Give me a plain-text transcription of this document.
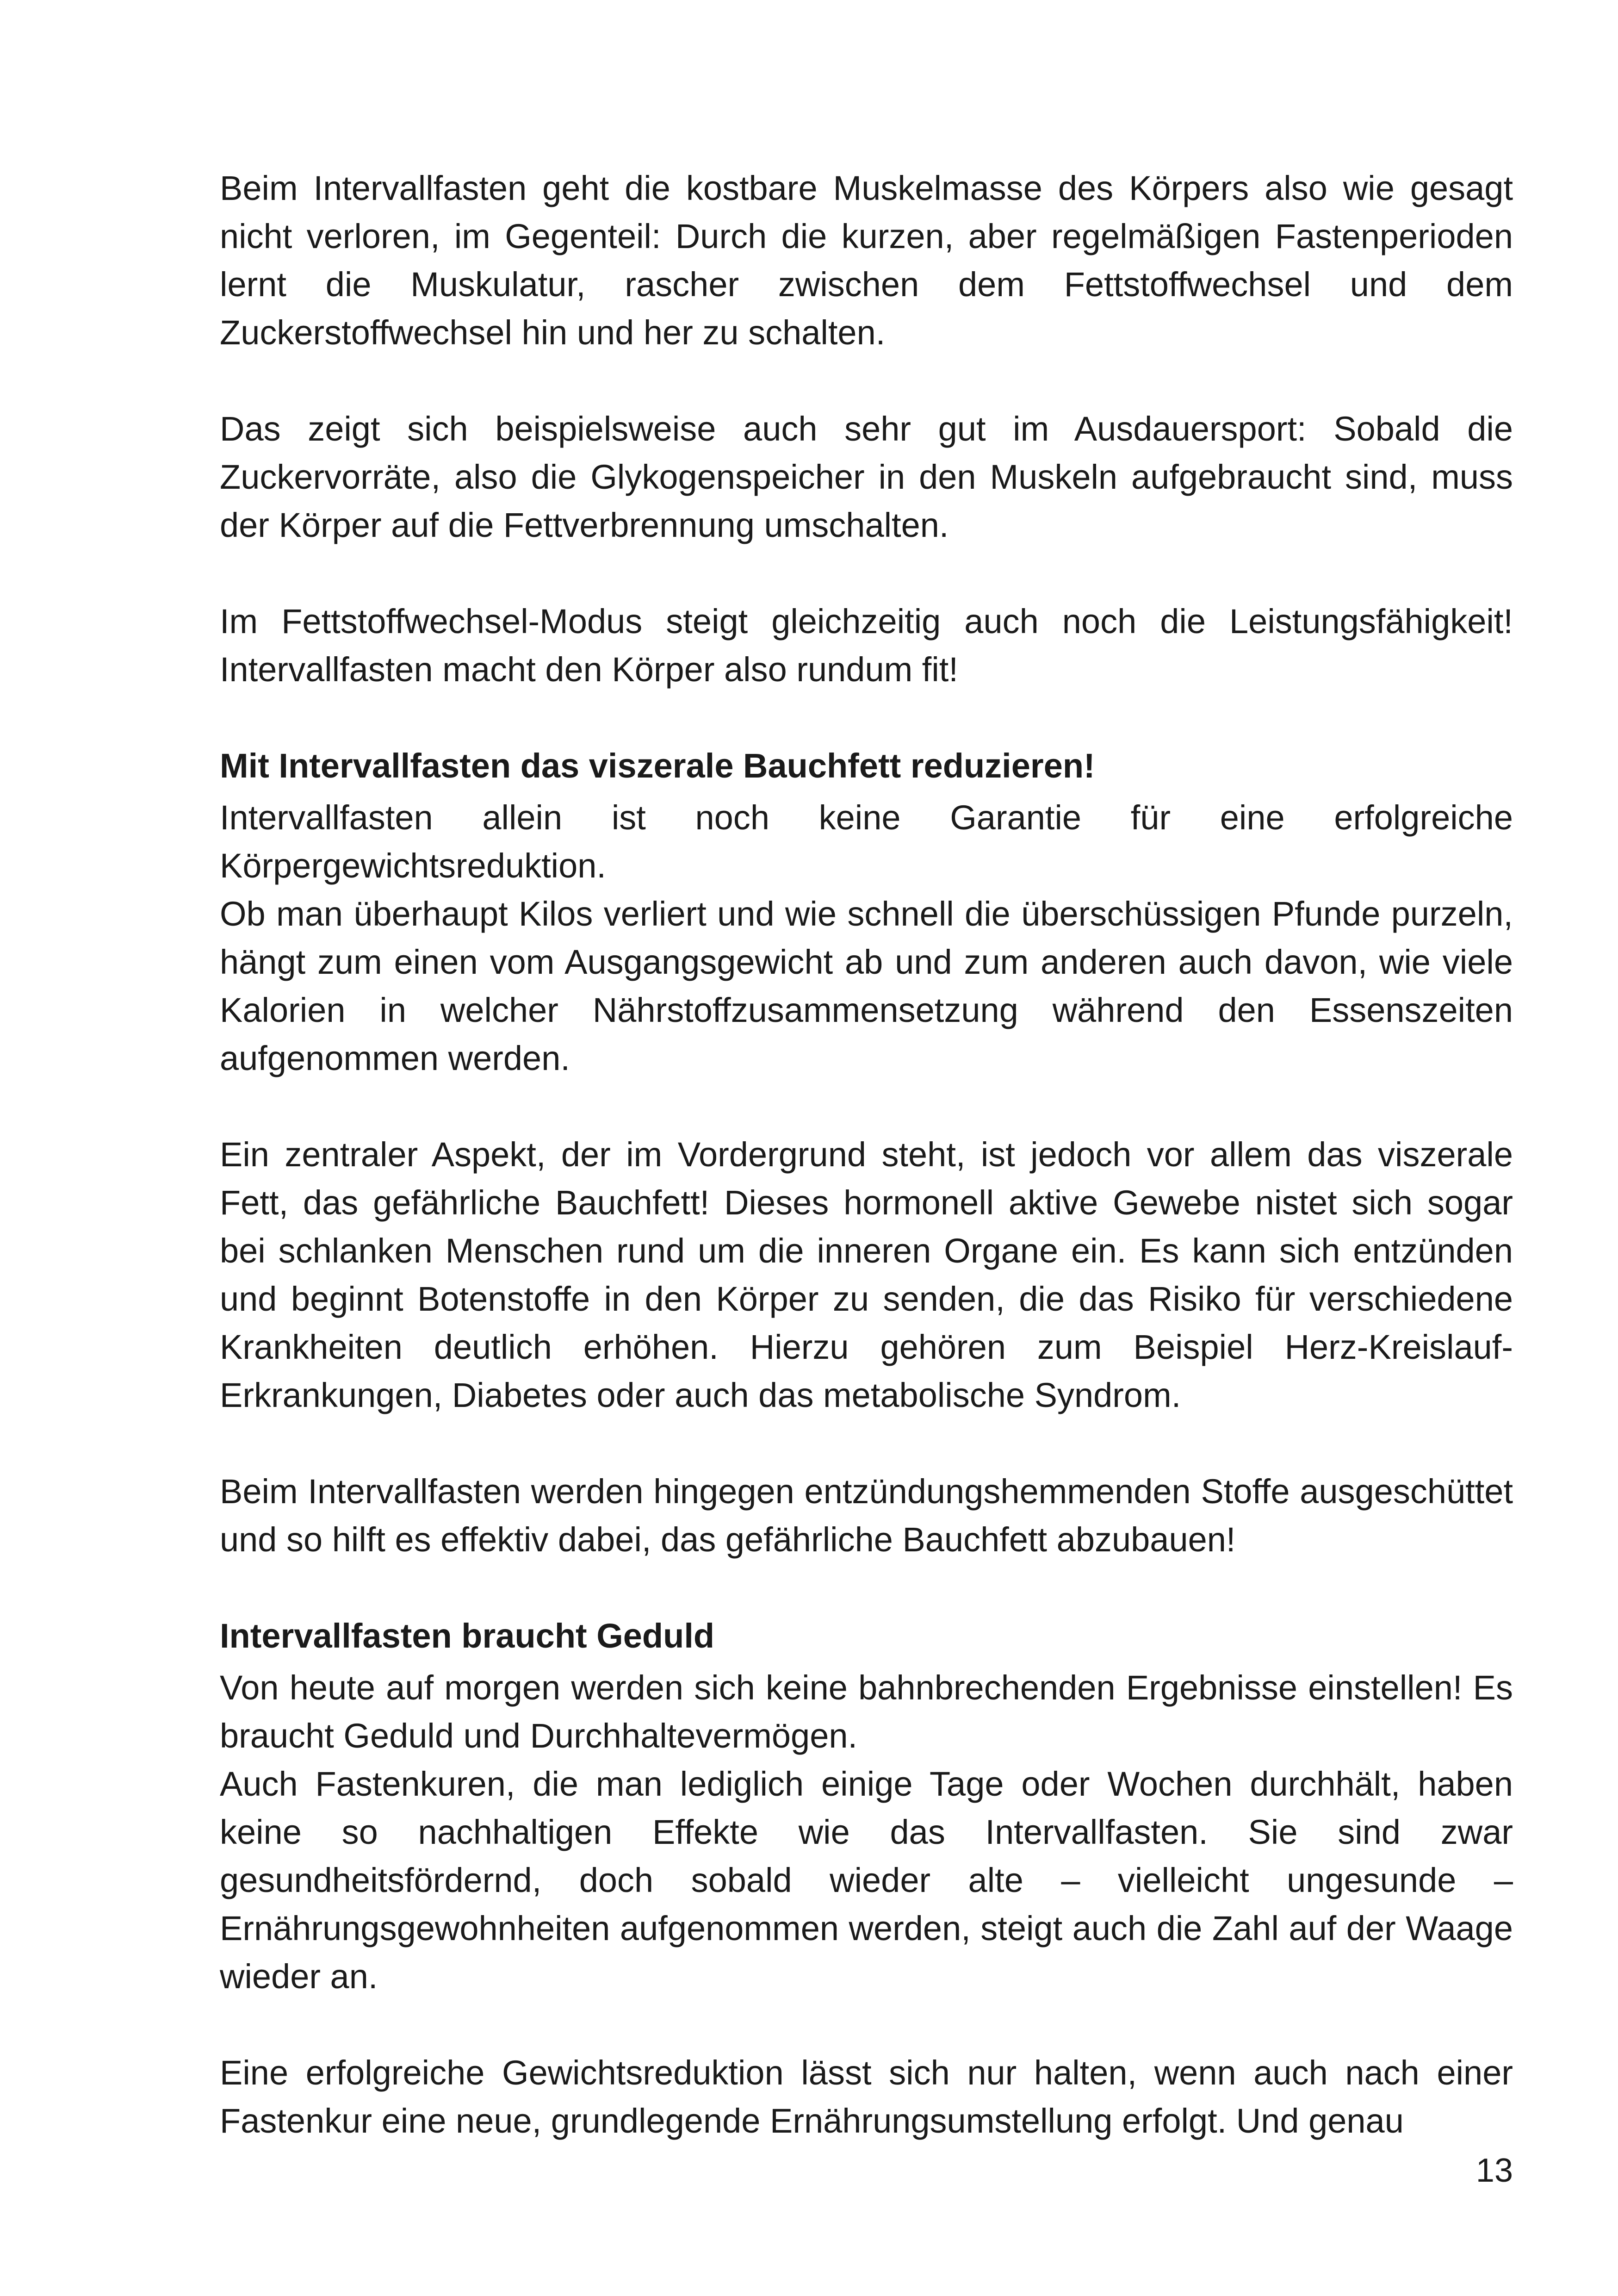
Beim Intervallfasten geht die kostbare Muskelmasse des Körpers also wie gesagt nicht verloren, im Gegenteil: Durch die kurzen, aber regelmäßigen Fastenperioden lernt die Muskulatur, rascher zwischen dem Fettstoffwechsel und dem Zuckerstoffwechsel hin und her zu schalten.

Das zeigt sich beispielsweise auch sehr gut im Ausdauersport: Sobald die Zuckervorräte, also die Glykogenspeicher in den Muskeln aufgebraucht sind, muss der Körper auf die Fettverbrennung umschalten.

Im Fettstoffwechsel-Modus steigt gleichzeitig auch noch die Leistungsfähigkeit! Intervallfasten macht den Körper also rundum fit!

Mit Intervallfasten das viszerale Bauchfett reduzieren!

Intervallfasten allein ist noch keine Garantie für eine erfolgreiche Körpergewichtsreduktion.

Ob man überhaupt Kilos verliert und wie schnell die überschüssigen Pfunde purzeln, hängt zum einen vom Ausgangsgewicht ab und zum anderen auch davon, wie viele Kalorien in welcher Nährstoffzusammensetzung während den Essenszeiten aufgenommen werden.

Ein zentraler Aspekt, der im Vordergrund steht, ist jedoch vor allem das viszerale Fett, das gefährliche Bauchfett! Dieses hormonell aktive Gewebe nistet sich sogar bei schlanken Menschen rund um die inneren Organe ein. Es kann sich entzünden und beginnt Botenstoffe in den Körper zu senden, die das Risiko für verschiedene Krankheiten deutlich erhöhen. Hierzu gehören zum Beispiel Herz-Kreislauf-Erkrankungen, Diabetes oder auch das metabolische Syndrom.

Beim Intervallfasten werden hingegen entzündungshemmenden Stoffe ausgeschüttet und so hilft es effektiv dabei, das gefährliche Bauchfett abzubauen!

Intervallfasten braucht Geduld

Von heute auf morgen werden sich keine bahnbrechenden Ergebnisse einstellen! Es braucht Geduld und Durchhaltevermögen.

Auch Fastenkuren, die man lediglich einige Tage oder Wochen durchhält, haben keine so nachhaltigen Effekte wie das Intervallfasten. Sie sind zwar gesundheitsfördernd, doch sobald wieder alte – vielleicht ungesunde – Ernährungsgewohnheiten aufgenommen werden, steigt auch die Zahl auf der Waage wieder an.

Eine erfolgreiche Gewichtsreduktion lässt sich nur halten, wenn auch nach einer Fastenkur eine neue, grundlegende Ernährungsumstellung erfolgt. Und genau

13
